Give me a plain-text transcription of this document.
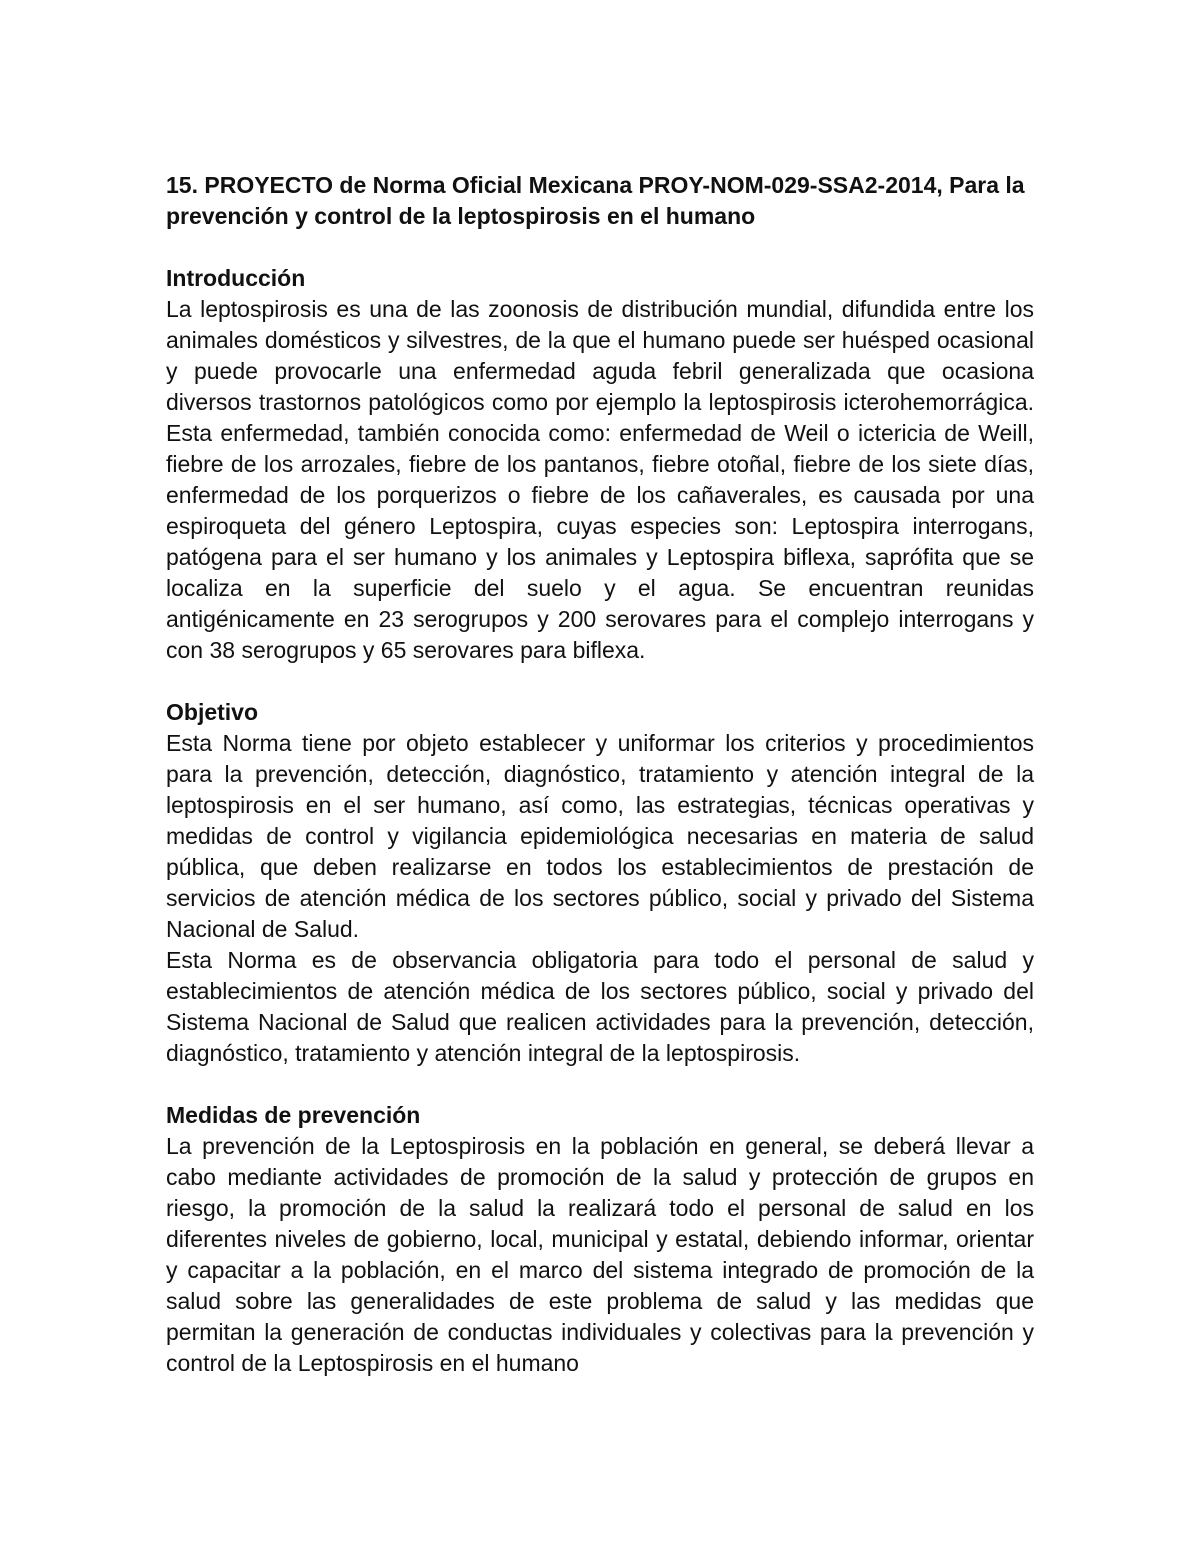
15. PROYECTO de Norma Oficial Mexicana PROY-NOM-029-SSA2-2014, Para la prevención y control de la leptospirosis en el humano
Introducción

La leptospirosis es una de las zoonosis de distribución mundial, difundida entre los animales domésticos y silvestres, de la que el humano puede ser huésped ocasional y puede provocarle una enfermedad aguda febril generalizada que ocasiona diversos trastornos patológicos como por ejemplo la leptospirosis icterohemorrágica. Esta enfermedad, también conocida como: enfermedad de Weil o ictericia de Weill, fiebre de los arrozales, fiebre de los pantanos, fiebre otoñal, fiebre de los siete días, enfermedad de los porquerizos o fiebre de los cañaverales, es causada por una espiroqueta del género Leptospira, cuyas especies son: Leptospira interrogans, patógena para el ser humano y los animales y Leptospira biflexa, saprófita que se localiza en la superficie del suelo y el agua. Se encuentran reunidas antigénicamente en 23 serogrupos y 200 serovares para el complejo interrogans y con 38 serogrupos y 65 serovares para biflexa.

Objetivo

Esta Norma tiene por objeto establecer y uniformar los criterios y procedimientos para la prevención, detección, diagnóstico, tratamiento y atención integral de la leptospirosis en el ser humano, así como, las estrategias, técnicas operativas y medidas de control y vigilancia epidemiológica necesarias en materia de salud pública, que deben realizarse en todos los establecimientos de prestación de servicios de atención médica de los sectores público, social y privado del Sistema Nacional de Salud.

Esta Norma es de observancia obligatoria para todo el personal de salud y establecimientos de atención médica de los sectores público, social y privado del Sistema Nacional de Salud que realicen actividades para la prevención, detección, diagnóstico, tratamiento y atención integral de la leptospirosis.

Medidas de prevención

La prevención de la Leptospirosis en la población en general, se deberá llevar a cabo mediante actividades de promoción de la salud y protección de grupos en riesgo, la promoción de la salud la realizará todo el personal de salud en los diferentes niveles de gobierno, local, municipal y estatal, debiendo informar, orientar y capacitar a la población, en el marco del sistema integrado de promoción de la salud sobre las generalidades de este problema de salud y las medidas que permitan la generación de conductas individuales y colectivas para la prevención y control de la Leptospirosis en el humano
